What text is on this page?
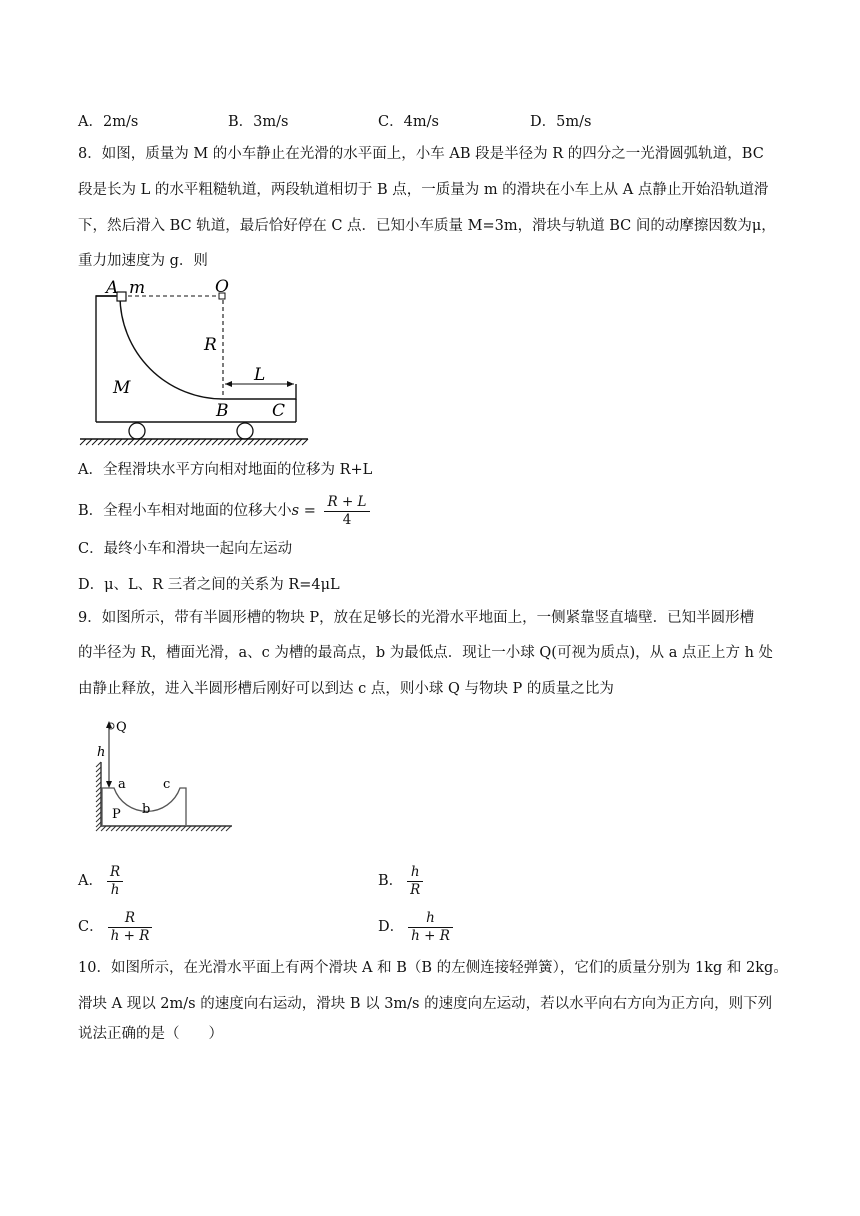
A．2m/s	B．3m/s	C．4m/s	D．5m/s
8．如图，质量为 M 的小车静止在光滑的水平面上，小车 AB 段是半径为 R 的四分之一光滑圆弧轨道，BC
段是长为 L 的水平粗糙轨道，两段轨道相切于 B 点，一质量为 m 的滑块在小车上从 A 点静止开始沿轨道滑
下，然后滑入 BC 轨道，最后恰好停在 C 点．已知小车质量 M=3m，滑块与轨道 BC 间的动摩擦因数为μ，
重力加速度为 g．则
A m	O
R
M
L
B	C
A．全程滑块水平方向相对地面的位移为 R+L
B．全程小车相对地面的位移大小$s = \frac{R + L}{4}$
C．最终小车和滑块一起向左运动
D．μ、L、R 三者之间的关系为 R=4μL
9．如图所示，带有半圆形槽的物块 P，放在足够长的光滑水平地面上，一侧紧靠竖直墙壁．已知半圆形槽
的半径为 R，槽面光滑，a、c 为槽的最高点，b 为最低点．现让一小球 Q(可视为质点)，从 a 点正上方 h 处
由静止释放，进入半圆形槽后刚好可以到达 c 点，则小球 Q 与物块 P 的质量之比为
Q
h
a
b
c
P
A． $\frac{R}{h}$	B． $\frac{h}{R}$
C． $\frac{R}{h + R}$	D． $\frac{h}{h + R}$
10．如图所示，在光滑水平面上有两个滑块 A 和 B（B 的左侧连接轻弹簧），它们的质量分别为 1kg 和 2kg。
滑块 A 现以 2m/s 的速度向右运动，滑块 B 以 3m/s 的速度向左运动，若以水平向右方向为正方向，则下列
说法正确的是（　　）
